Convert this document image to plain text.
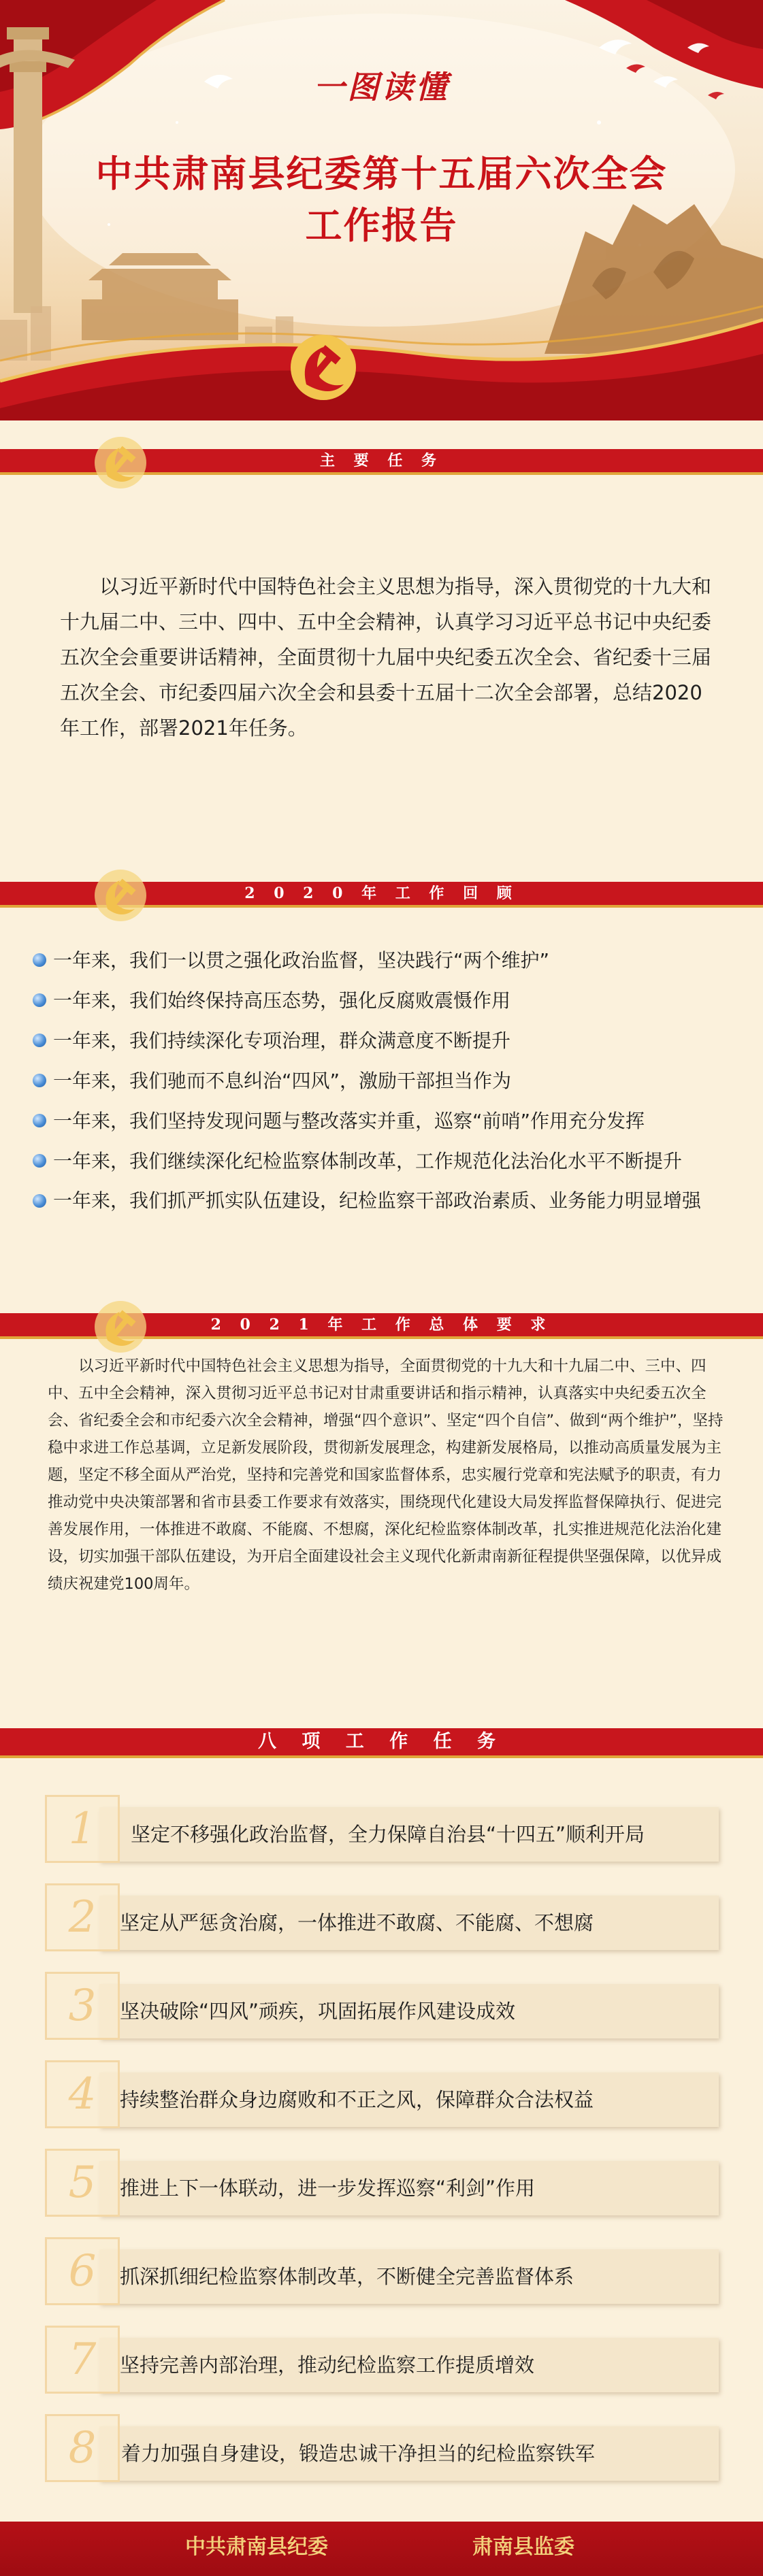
一图读懂
中共肃南县纪委第十五届六次全会
工作报告
主 要 任 务
以习近平新时代中国特色社会主义思想为指导，深入贯彻党的十九大和十九届二中、三中、四中、五中全会精神，认真学习习近平总书记中央纪委五次全会重要讲话精神，全面贯彻十九届中央纪委五次全会、省纪委十三届五次全会、市纪委四届六次全会和县委十五届十二次全会部署，总结2020年工作，部署2021年任务。
2 0 2 0 年 工 作 回 顾
一年来，我们一以贯之强化政治监督，坚决践行“两个维护”
一年来，我们始终保持高压态势，强化反腐败震慑作用
一年来，我们持续深化专项治理，群众满意度不断提升
一年来，我们驰而不息纠治“四风”，激励干部担当作为
一年来，我们坚持发现问题与整改落实并重，巡察“前哨”作用充分发挥
一年来，我们继续深化纪检监察体制改革，工作规范化法治化水平不断提升
一年来，我们抓严抓实队伍建设，纪检监察干部政治素质、业务能力明显增强
2 0 2 1 年 工 作 总 体 要 求
以习近平新时代中国特色社会主义思想为指导，全面贯彻党的十九大和十九届二中、三中、四中、五中全会精神，深入贯彻习近平总书记对甘肃重要讲话和指示精神，认真落实中央纪委五次全会、省纪委全会和市纪委六次全会精神，增强“四个意识”、坚定“四个自信”、做到“两个维护”，坚持稳中求进工作总基调，立足新发展阶段，贯彻新发展理念，构建新发展格局，以推动高质量发展为主题，坚定不移全面从严治党，坚持和完善党和国家监督体系，忠实履行党章和宪法赋予的职责，有力推动党中央决策部署和省市县委工作要求有效落实，围绕现代化建设大局发挥监督保障执行、促进完善发展作用，一体推进不敢腐、不能腐、不想腐，深化纪检监察体制改革，扎实推进规范化法治化建设，切实加强干部队伍建设，为开启全面建设社会主义现代化新肃南新征程提供坚强保障，以优异成绩庆祝建党100周年。
八 项 工 作 任 务
1	坚定不移强化政治监督，全力保障自治县“十四五”顺利开局
2	坚定从严惩贪治腐，一体推进不敢腐、不能腐、不想腐
3	坚决破除“四风”顽疾，巩固拓展作风建设成效
4	持续整治群众身边腐败和不正之风，保障群众合法权益
5	推进上下一体联动，进一步发挥巡察“利剑”作用
6	抓深抓细纪检监察体制改革，不断健全完善监督体系
7	坚持完善内部治理，推动纪检监察工作提质增效
8	着力加强自身建设，锻造忠诚干净担当的纪检监察铁军
中共肃南县纪委	肃南县监委
